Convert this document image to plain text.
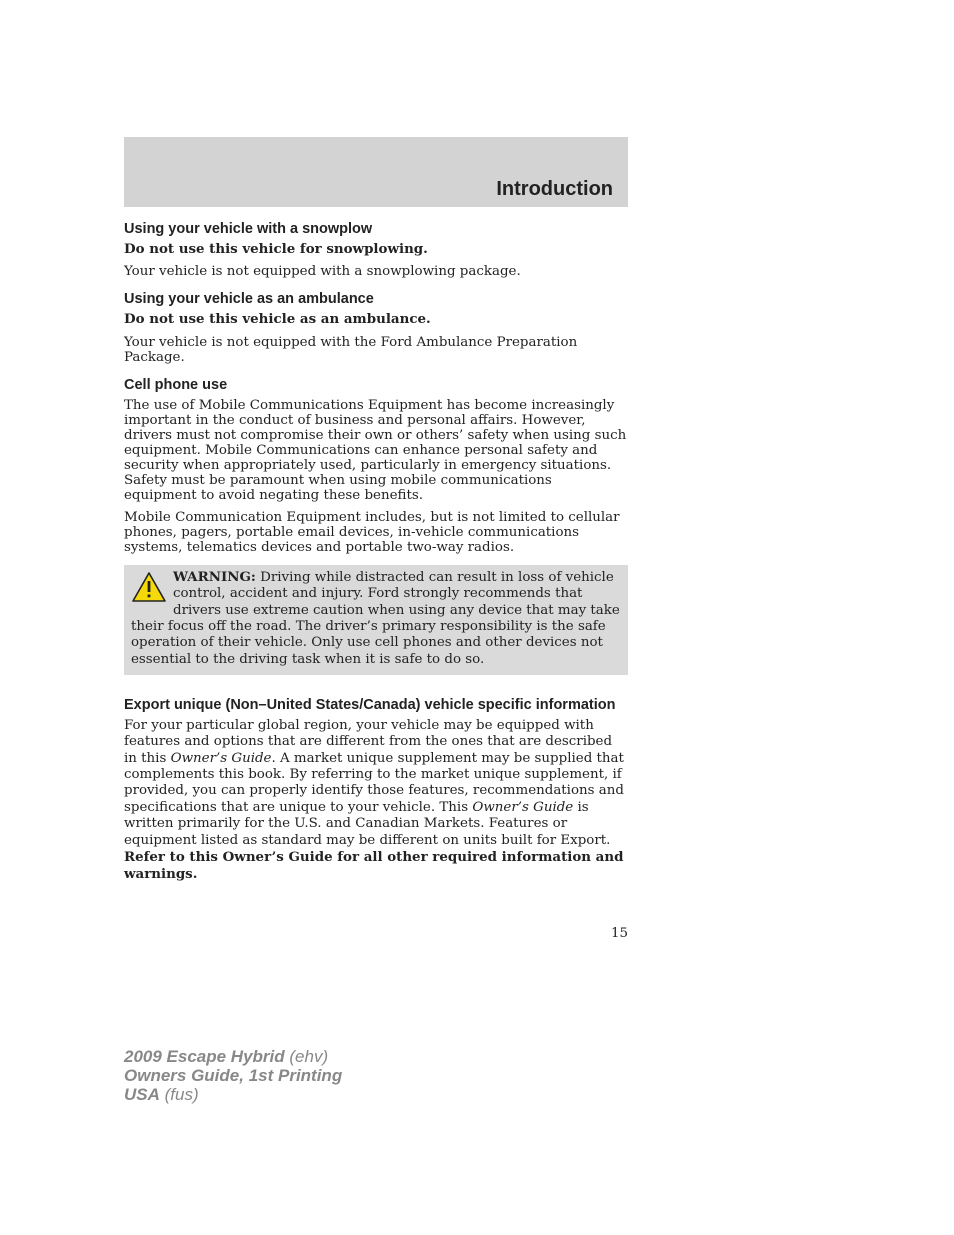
Introduction
Using your vehicle with a snowplow

Do not use this vehicle for snowplowing.

Your vehicle is not equipped with a snowplowing package.

Using your vehicle as an ambulance

Do not use this vehicle as an ambulance.

Your vehicle is not equipped with the Ford Ambulance Preparation Package.

Cell phone use

The use of Mobile Communications Equipment has become increasingly important in the conduct of business and personal affairs. However, drivers must not compromise their own or others’ safety when using such equipment. Mobile Communications can enhance personal safety and security when appropriately used, particularly in emergency situations. Safety must be paramount when using mobile communications equipment to avoid negating these benefits.

Mobile Communication Equipment includes, but is not limited to cellular phones, pagers, portable email devices, in-vehicle communications systems, telematics devices and portable two-way radios.

WARNING: Driving while distracted can result in loss of vehicle control, accident and injury. Ford strongly recommends that drivers use extreme caution when using any device that may take their focus off the road. The driver’s primary responsibility is the safe operation of their vehicle. Only use cell phones and other devices not essential to the driving task when it is safe to do so.

Export unique (Non–United States/Canada) vehicle specific information

For your particular global region, your vehicle may be equipped with features and options that are different from the ones that are described in this Owner’s Guide. A market unique supplement may be supplied that complements this book. By referring to the market unique supplement, if provided, you can properly identify those features, recommendations and specifications that are unique to your vehicle. This Owner’s Guide is written primarily for the U.S. and Canadian Markets. Features or equipment listed as standard may be different on units built for Export. Refer to this Owner’s Guide for all other required information and warnings.

15
2009 Escape Hybrid (ehv)
Owners Guide, 1st Printing
USA (fus)
